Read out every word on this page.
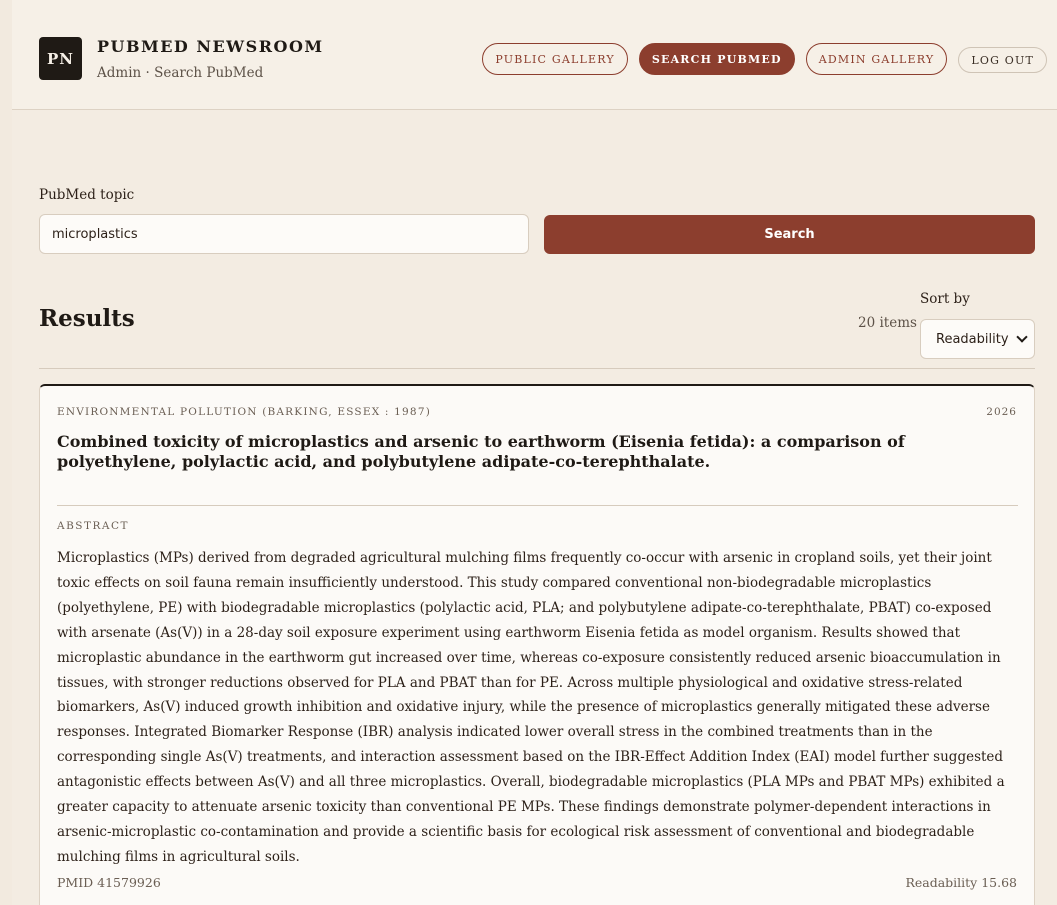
PN
PUBMED NEWSROOM
Admin · Search PubMed
PUBLIC GALLERY	SEARCH PUBMED	ADMIN GALLERY	LOG OUT
PubMed topic
microplastics
Search
Results	20 items
Sort by
Readability
ENVIRONMENTAL POLLUTION (BARKING, ESSEX : 1987)	2026
Combined toxicity of microplastics and arsenic to earthworm (Eisenia fetida): a comparison of polyethylene, polylactic acid, and polybutylene adipate-co-terephthalate.
ABSTRACT

Microplastics (MPs) derived from degraded agricultural mulching films frequently co-occur with arsenic in cropland soils, yet their joint toxic effects on soil fauna remain insufficiently understood. This study compared conventional non-biodegradable microplastics (polyethylene, PE) with biodegradable microplastics (polylactic acid, PLA; and polybutylene adipate-co-terephthalate, PBAT) co-exposed with arsenate (As(V)) in a 28-day soil exposure experiment using earthworm Eisenia fetida as model organism. Results showed that microplastic abundance in the earthworm gut increased over time, whereas co-exposure consistently reduced arsenic bioaccumulation in tissues, with stronger reductions observed for PLA and PBAT than for PE. Across multiple physiological and oxidative stress-related biomarkers, As(V) induced growth inhibition and oxidative injury, while the presence of microplastics generally mitigated these adverse responses. Integrated Biomarker Response (IBR) analysis indicated lower overall stress in the combined treatments than in the corresponding single As(V) treatments, and interaction assessment based on the IBR-Effect Addition Index (EAI) model further suggested antagonistic effects between As(V) and all three microplastics. Overall, biodegradable microplastics (PLA MPs and PBAT MPs) exhibited a greater capacity to attenuate arsenic toxicity than conventional PE MPs. These findings demonstrate polymer-dependent interactions in arsenic-microplastic co-contamination and provide a scientific basis for ecological risk assessment of conventional and biodegradable mulching films in agricultural soils.

PMID 41579926	Readability 15.68
